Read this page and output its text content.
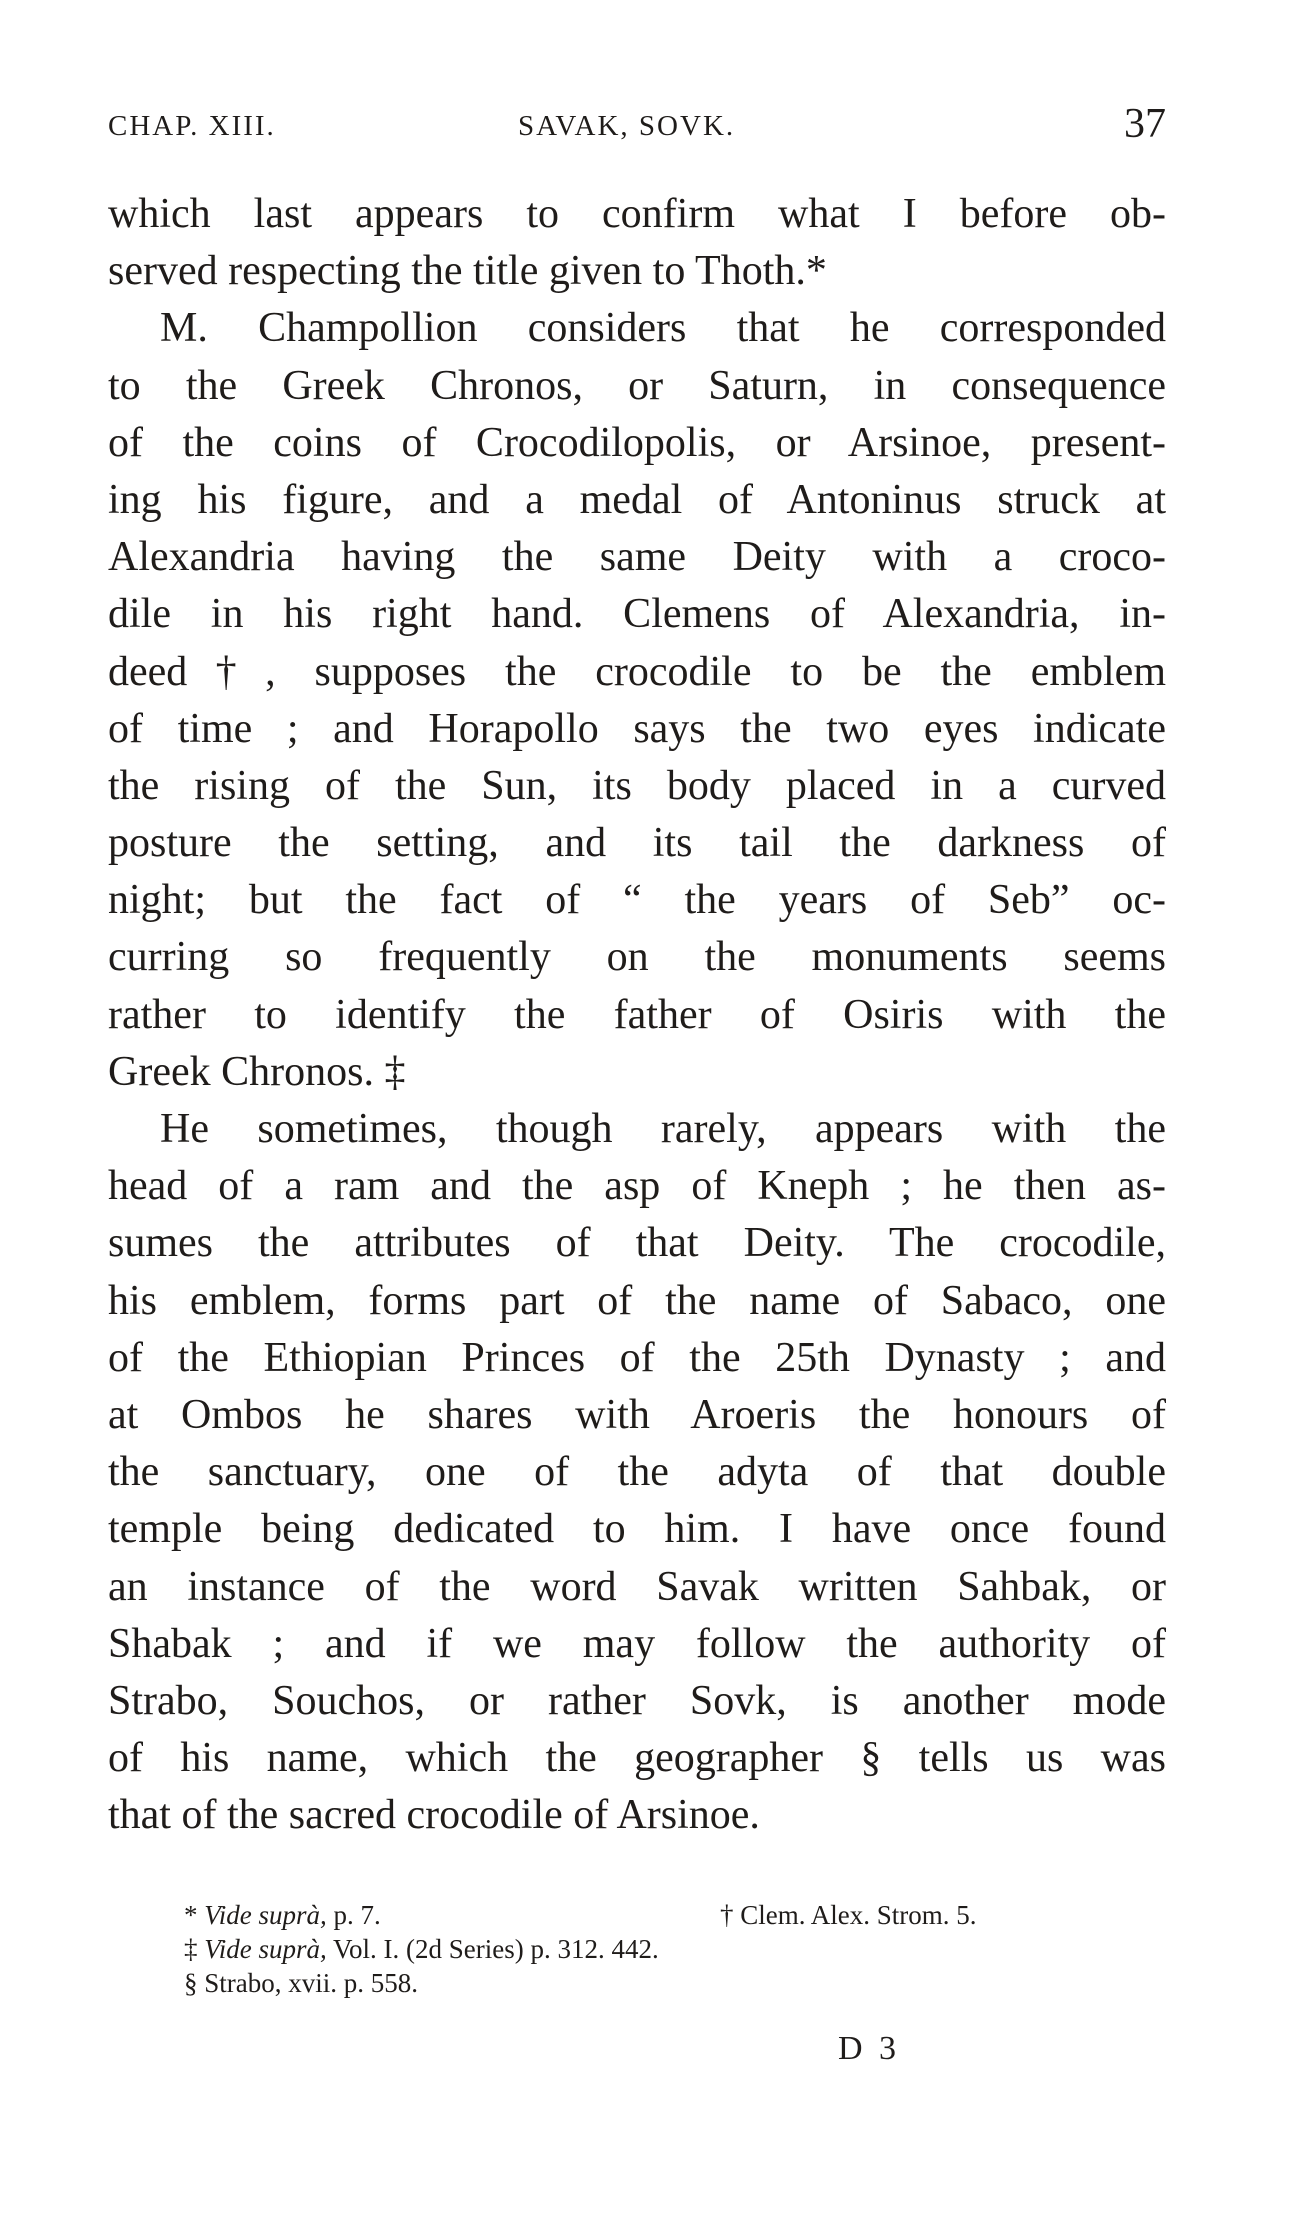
CHAP. XIII.	SAVAK, SOVK.	37
which last appears to confirm what I before ob-
served respecting the title given to Thoth.*
M. Champollion considers that he corresponded
to the Greek Chronos, or Saturn, in consequence
of the coins of Crocodilopolis, or Arsinoe, present-
ing his figure, and a medal of Antoninus struck at
Alexandria having the same Deity with a croco-
dile in his right hand. Clemens of Alexandria, in-
deed†, supposes the crocodile to be the emblem
of time ; and Horapollo says the two eyes indicate
the rising of the Sun, its body placed in a curved
posture the setting, and its tail the darkness of
night; but the fact of “ the years of Seb” oc-
curring so frequently on the monuments seems
rather to identify the father of Osiris with the
Greek Chronos. ‡
He sometimes, though rarely, appears with the
head of a ram and the asp of Kneph ; he then as-
sumes the attributes of that Deity. The crocodile,
his emblem, forms part of the name of Sabaco, one
of the Ethiopian Princes of the 25th Dynasty ; and
at Ombos he shares with Aroeris the honours of
the sanctuary, one of the adyta of that double
temple being dedicated to him. I have once found
an instance of the word Savak written Sahbak, or
Shabak ; and if we may follow the authority of
Strabo, Souchos, or rather Sovk, is another mode
of his name, which the geographer § tells us was
that of the sacred crocodile of Arsinoe.
* Vide suprà, p. 7.	† Clem. Alex. Strom. 5.
‡ Vide suprà, Vol. I. (2d Series) p. 312. 442.
§ Strabo, xvii. p. 558.
D 3
